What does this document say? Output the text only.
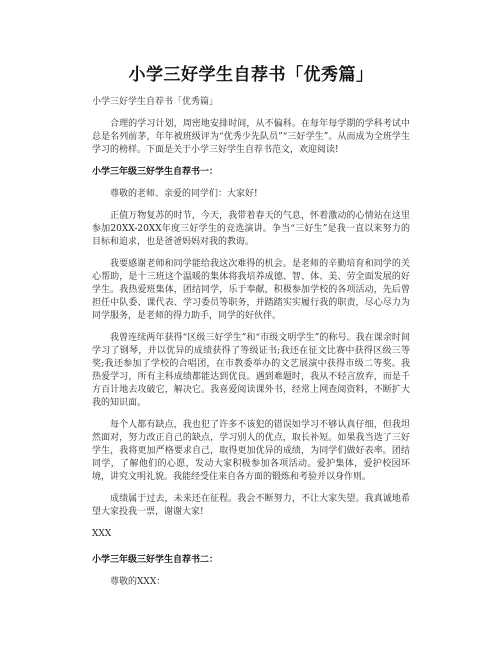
小学三好学生自荐书「优秀篇」

小学三好学生自荐书「优秀篇」

合理的学习计划，周密地安排时间，从不偏科。在每年每学期的学科考试中总是名列前茅，年年被班级评为“优秀少先队员”“三好学生”。从而成为全班学生学习的榜样。下面是关于小学三好学生自荐书范文，欢迎阅读!

小学三年级三好学生自荐书一：

尊敬的老师、亲爱的同学们：大家好!

正值万物复苏的时节，今天，我带着春天的气息，怀着激动的心情站在这里参加20XX-20XX年度三好学生的竞选演讲。争当“三好生”是我一直以来努力的目标和追求，也是爸爸妈妈对我的教诲。

我要感谢老师和同学能给我这次难得的机会。是老师的辛勤培育和同学的关心帮助，是十三班这个温暖的集体将我培养成德、智、体、美、劳全面发展的好学生。我热爱班集体，团结同学，乐于奉献，积极参加学校的各项活动，先后曾担任中队委、课代表、学习委员等职务，并踏踏实实履行我的职责，尽心尽力为同学服务，是老师的得力助手，同学的好伙伴。

我曾连续两年获得“区级三好学生”和“市级文明学生”的称号。我在课余时间学习了钢琴，并以优异的成绩获得了等级证书;我还在征文比赛中获得区级三等奖;我还参加了学校的合唱团，在市教委举办的文艺展演中获得市级二等奖。我热爱学习，所有主科成绩都能达到优良。遇到难题时，我从不轻言放弃，而是千方百计地去攻破它，解决它。我喜爱阅读课外书，经常上网查阅资料，不断扩大我的知识面。

每个人都有缺点，我也犯了许多不该犯的错误如学习不够认真仔细，但我坦然面对，努力改正自己的缺点，学习别人的优点，取长补短。如果我当选了三好学生，我将更加严格要求自己，取得更加优异的成绩，为同学们做好表率。团结同学，了解他们的心愿，发动大家积极参加各项活动。爱护集体，爱护校园环境，讲究文明礼貌。我能经受住来自各方面的锻炼和考验并以身作则。

成绩属于过去，未来还在征程。我会不断努力，不让大家失望。我真诚地希望大家投我一票，谢谢大家!

XXX

小学三年级三好学生自荐书二：

尊敬的XXX：
